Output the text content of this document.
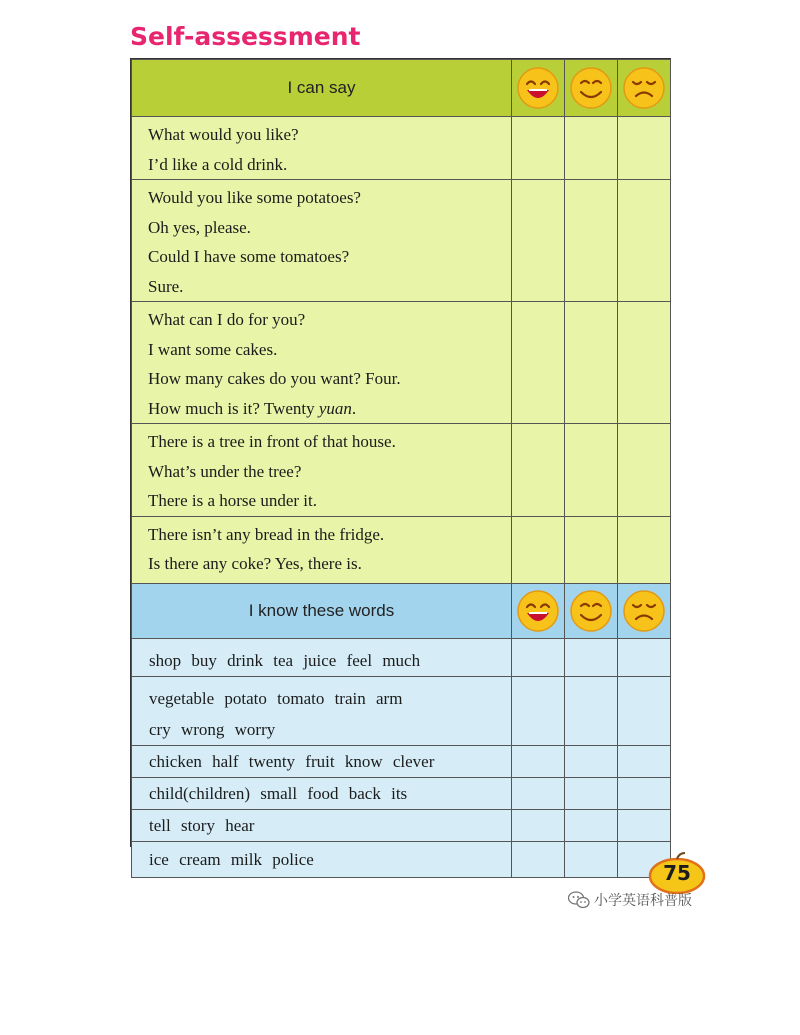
Self-assessment
I can say	

What would you like?
I’d like a cold drink.			

Would you like some potatoes?
Oh yes, please.
Could I have some tomatoes?
Sure.			

What can I do for you?
I want some cakes.
How many cakes do you want? Four.
How much is it? Twenty yuan.			

There is a tree in front of that house.
What’s under the tree?
There is a horse under it.			

There isn’t any bread in the fridge.
Is there any coke? Yes, there is.			

I know these words	

shop buy drink tea juice feel much			

vegetable potato tomato train arm
cry wrong worry			

chicken half twenty fruit know clever			

child(children) small food back its			

tell story hear			

ice cream milk police			

75
小学英语科普版
